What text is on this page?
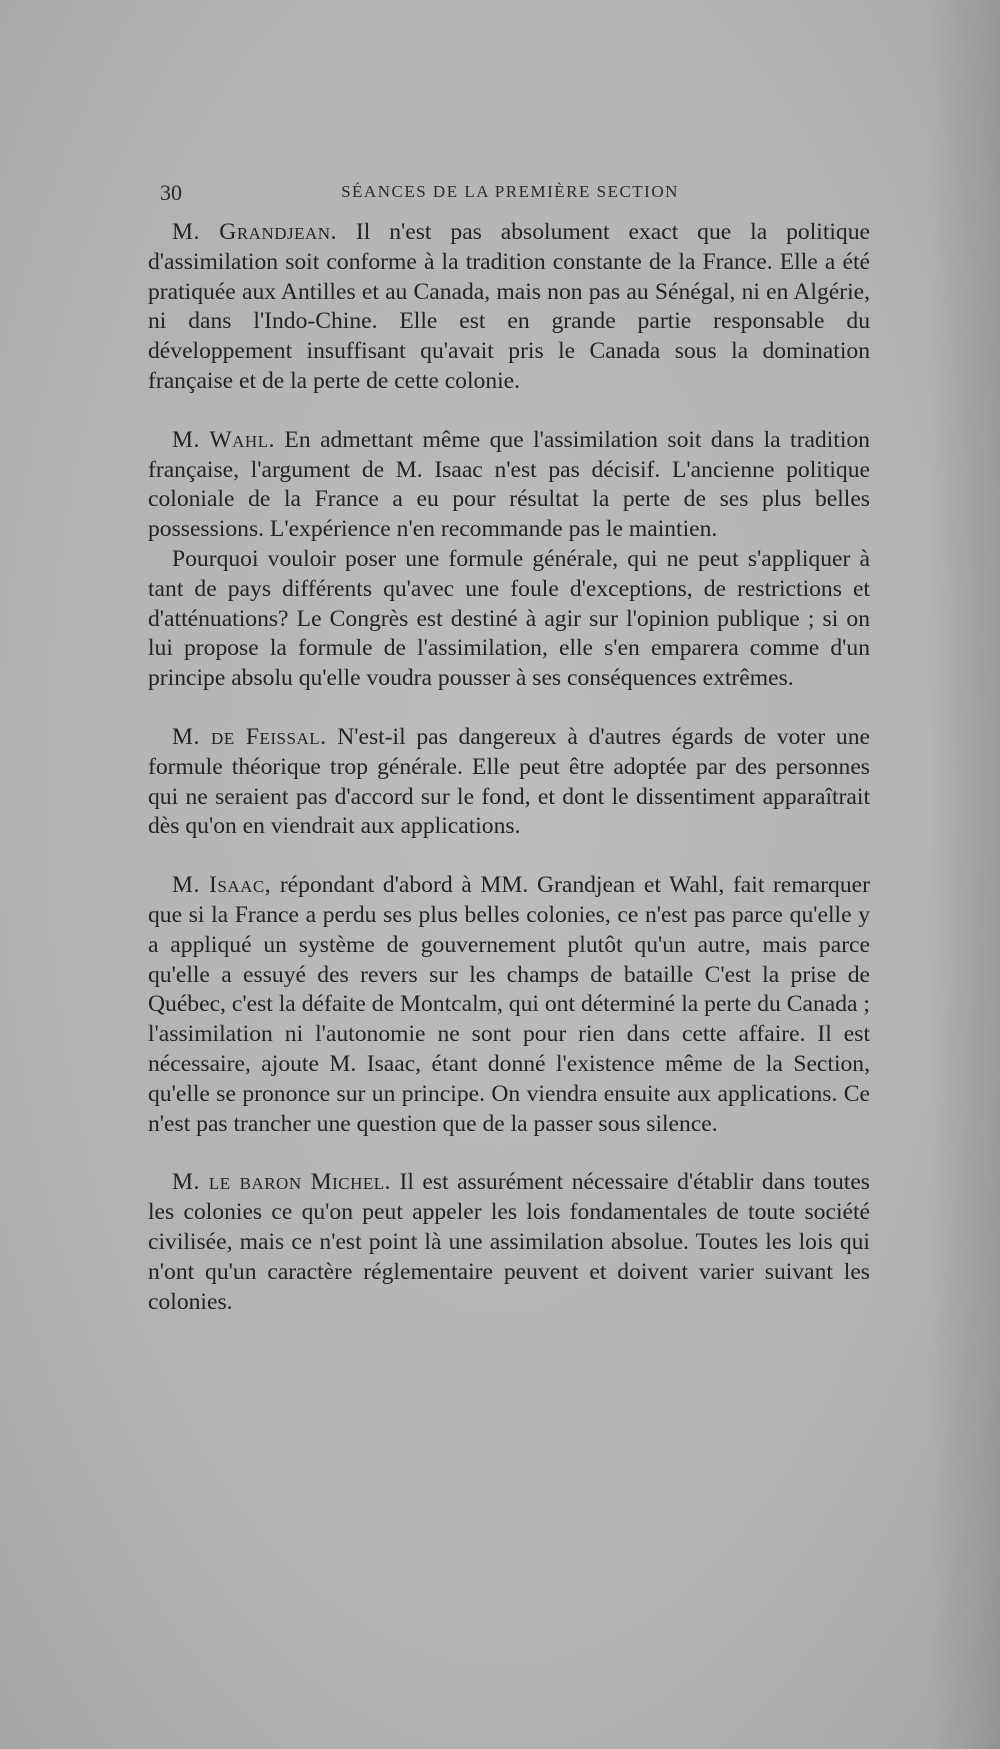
30	SÉANCES DE LA PREMIÈRE SECTION

M. Grandjean. Il n'est pas absolument exact que la politique d'assimilation soit conforme à la tradition constante de la France. Elle a été pratiquée aux Antilles et au Canada, mais non pas au Sénégal, ni en Algérie, ni dans l'Indo-Chine. Elle est en grande partie responsable du développement insuffisant qu'avait pris le Canada sous la domination française et de la perte de cette colonie.

M. Wahl. En admettant même que l'assimilation soit dans la tradition française, l'argument de M. Isaac n'est pas décisif. L'ancienne politique coloniale de la France a eu pour résultat la perte de ses plus belles possessions. L'expérience n'en recommande pas le maintien.

Pourquoi vouloir poser une formule générale, qui ne peut s'appliquer à tant de pays différents qu'avec une foule d'exceptions, de restrictions et d'atténuations? Le Congrès est destiné à agir sur l'opinion publique ; si on lui propose la formule de l'assimilation, elle s'en emparera comme d'un principe absolu qu'elle voudra pousser à ses conséquences extrêmes.

M. de Feissal. N'est-il pas dangereux à d'autres égards de voter une formule théorique trop générale. Elle peut être adoptée par des personnes qui ne seraient pas d'accord sur le fond, et dont le dissentiment apparaîtrait dès qu'on en viendrait aux applications.

M. Isaac, répondant d'abord à MM. Grandjean et Wahl, fait remarquer que si la France a perdu ses plus belles colonies, ce n'est pas parce qu'elle y a appliqué un système de gouvernement plutôt qu'un autre, mais parce qu'elle a essuyé des revers sur les champs de bataille C'est la prise de Québec, c'est la défaite de Montcalm, qui ont déterminé la perte du Canada ; l'assimilation ni l'autonomie ne sont pour rien dans cette affaire. Il est nécessaire, ajoute M. Isaac, étant donné l'existence même de la Section, qu'elle se prononce sur un principe. On viendra ensuite aux applications. Ce n'est pas trancher une question que de la passer sous silence.

M. le baron Michel. Il est assurément nécessaire d'établir dans toutes les colonies ce qu'on peut appeler les lois fondamentales de toute société civilisée, mais ce n'est point là une assimilation absolue. Toutes les lois qui n'ont qu'un caractère réglementaire peuvent et doivent varier suivant les colonies.
